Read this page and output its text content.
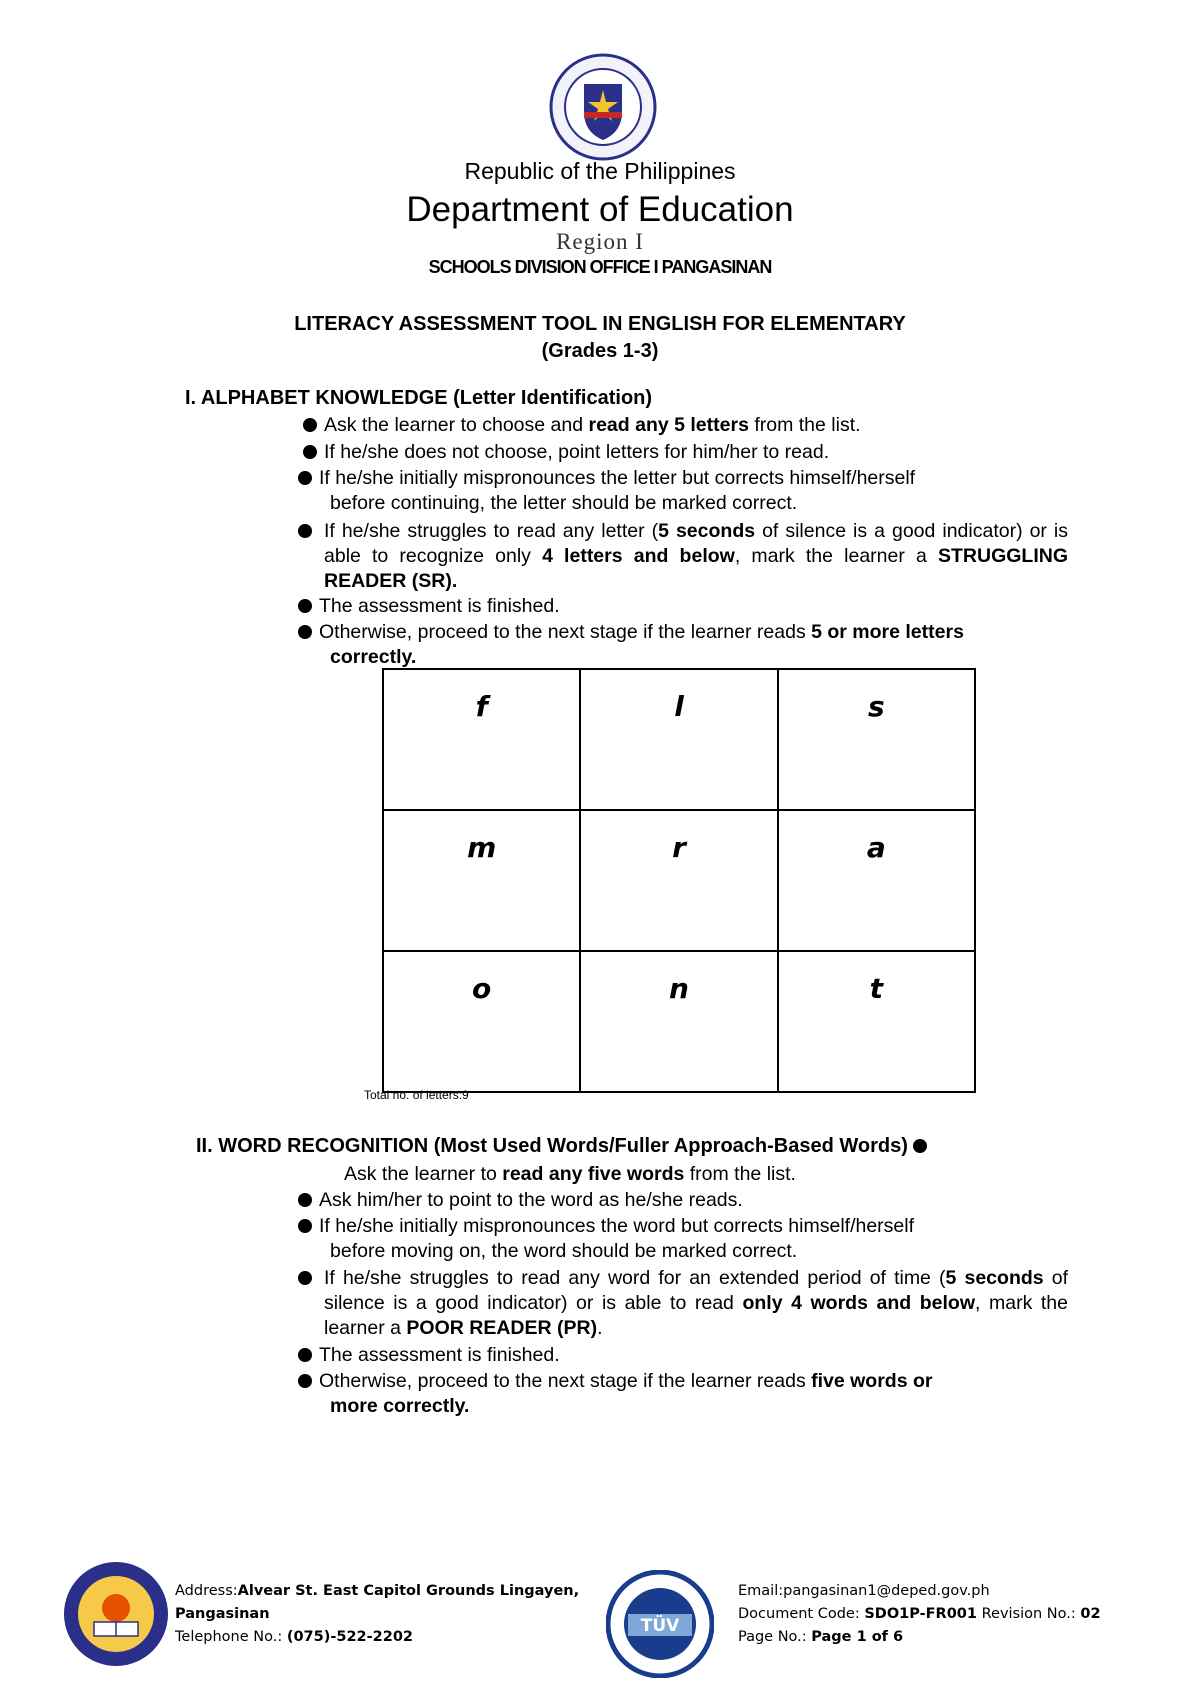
Republic of the Philippines
Department of Education
Region I
SCHOOLS DIVISION OFFICE I PANGASINAN
LITERACY ASSESSMENT TOOL IN ENGLISH FOR ELEMENTARY
(Grades 1-3)
I. ALPHABET KNOWLEDGE (Letter Identification)
Ask the learner to choose and read any 5 letters from the list.
If he/she does not choose, point letters for him/her to read.
If he/she initially mispronounces the letter but corrects himself/herself
before continuing, the letter should be marked correct.
If he/she struggles to read any letter (5 seconds of silence is a good indicator) or is able to recognize only 4 letters and below, mark the learner a STRUGGLING READER (SR).
The assessment is finished.
Otherwise, proceed to the next stage if the learner reads 5 or more letters
correctly.
f	l	s
m	r	a
o	n	t
Total no. of letters:9
II. WORD RECOGNITION (Most Used Words/Fuller Approach-Based Words)
Ask the learner to read any five words from the list.
Ask him/her to point to the word as he/she reads.
If he/she initially mispronounces the word but corrects himself/herself
before moving on, the word should be marked correct.
If he/she struggles to read any word for an extended period of time (5 seconds of silence is a good indicator) or is able to read only 4 words and below, mark the learner a POOR READER (PR).
The assessment is finished.
Otherwise, proceed to the next stage if the learner reads five words or
more correctly.
Address:Alvear St. East Capitol Grounds Lingayen,
Pangasinan
Telephone No.: (075)-522-2202
TÜV
Email:pangasinan1@deped.gov.ph
Document Code: SDO1P-FR001 Revision No.: 02
Page No.: Page 1 of 6
